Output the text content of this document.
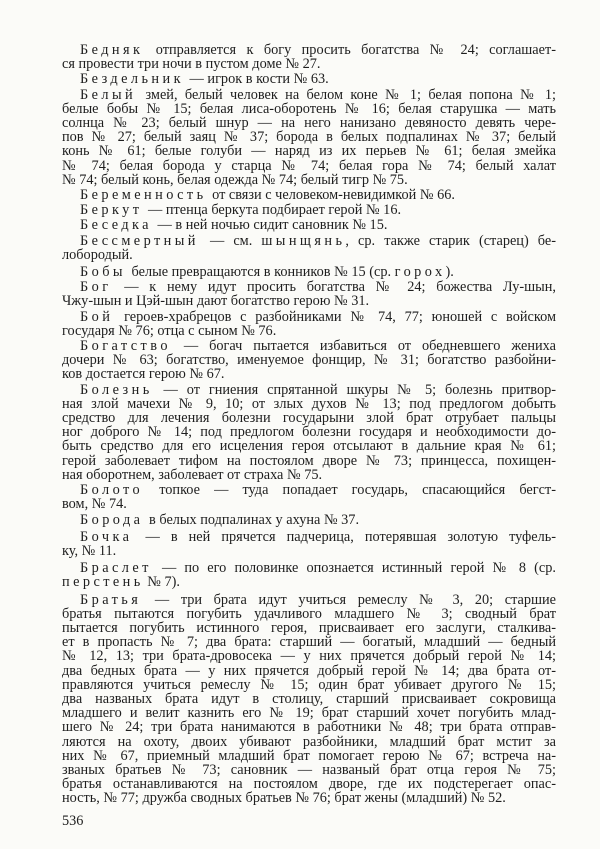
Бедняк отправляется к богу просить богатства № 24; соглашает-
ся провести три ночи в пустом доме № 27.
Бездельник — игрок в кости № 63.
Белый змей, белый человек на белом коне № 1; белая попона № 1;
белые бобы № 15; белая лиса-оборотень № 16; белая старушка — мать
солнца № 23; белый шнур — на него нанизано девяносто девять чере-
пов № 27; белый заяц № 37; борода в белых подпалинах № 37; белый
конь № 61; белые голуби — наряд из их перьев № 61; белая змейка
№ 74; белая борода у старца № 74; белая гора № 74; белый халат
№ 74; белый конь, белая одежда № 74; белый тигр № 75.
Беременность от связи с человеком-невидимкой № 66.
Беркут — птенца беркута подбирает герой № 16.
Беседка — в ней ночью сидит сановник № 15.
Бессмертный — см. шынщянь, ср. также старик (старец) бе-
лобородый.
Бобы белые превращаются в конников № 15 (ср. горох).
Бог — к нему идут просить богатства № 24; божества Лу-шын,
Чжу-шын и Цэй-шын дают богатство герою № 31.
Бой героев-храбрецов с разбойниками № 74, 77; юношей с войском
государя № 76; отца с сыном № 76.
Богатство — богач пытается избавиться от обедневшего жениха
дочери № 63; богатство, именуемое фонщир, № 31; богатство разбойни-
ков достается герою № 67.
Болезнь — от гниения спрятанной шкуры № 5; болезнь притвор-
ная злой мачехи № 9, 10; от злых духов № 13; под предлогом добыть
средство для лечения болезни государыни злой брат отрубает пальцы
ног доброго № 14; под предлогом болезни государя и необходимости до-
быть средство для его исцеления героя отсылают в дальние края № 61;
герой заболевает тифом на постоялом дворе № 73; принцесса, похищен-
ная оборотнем, заболевает от страха № 75.
Болото топкое — туда попадает государь, спасающийся бегст-
вом, № 74.
Борода в белых подпалинах у ахуна № 37.
Бочка — в ней прячется падчерица, потерявшая золотую туфель-
ку, № 11.
Браслет — по его половинке опознается истинный герой № 8 (ср.
перстень № 7).
Братья — три брата идут учиться ремеслу № 3, 20; старшие
братья пытаются погубить удачливого младшего № 3; сводный брат
пытается погубить истинного героя, присваивает его заслуги, сталкива-
ет в пропасть № 7; два брата: старший — богатый, младший — бедный
№ 12, 13; три брата-дровосека — у них прячется добрый герой № 14;
два бедных брата — у них прячется добрый герой № 14; два брата от-
правляются учиться ремеслу № 15; один брат убивает другого № 15;
два названых брата идут в столицу, старший присваивает сокровища
младшего и велит казнить его № 19; брат старший хочет погубить млад-
шего № 24; три брата нанимаются в работники № 48; три брата отправ-
ляются на охоту, двоих убивают разбойники, младший брат мстит за
них № 67, приемный младший брат помогает герою № 67; встреча на-
званых братьев № 73; сановник — названый брат отца героя № 75;
братья останавливаются на постоялом дворе, где их подстерегает опас-
ность, № 77; дружба сводных братьев № 76; брат жены (младший) № 52.
536
